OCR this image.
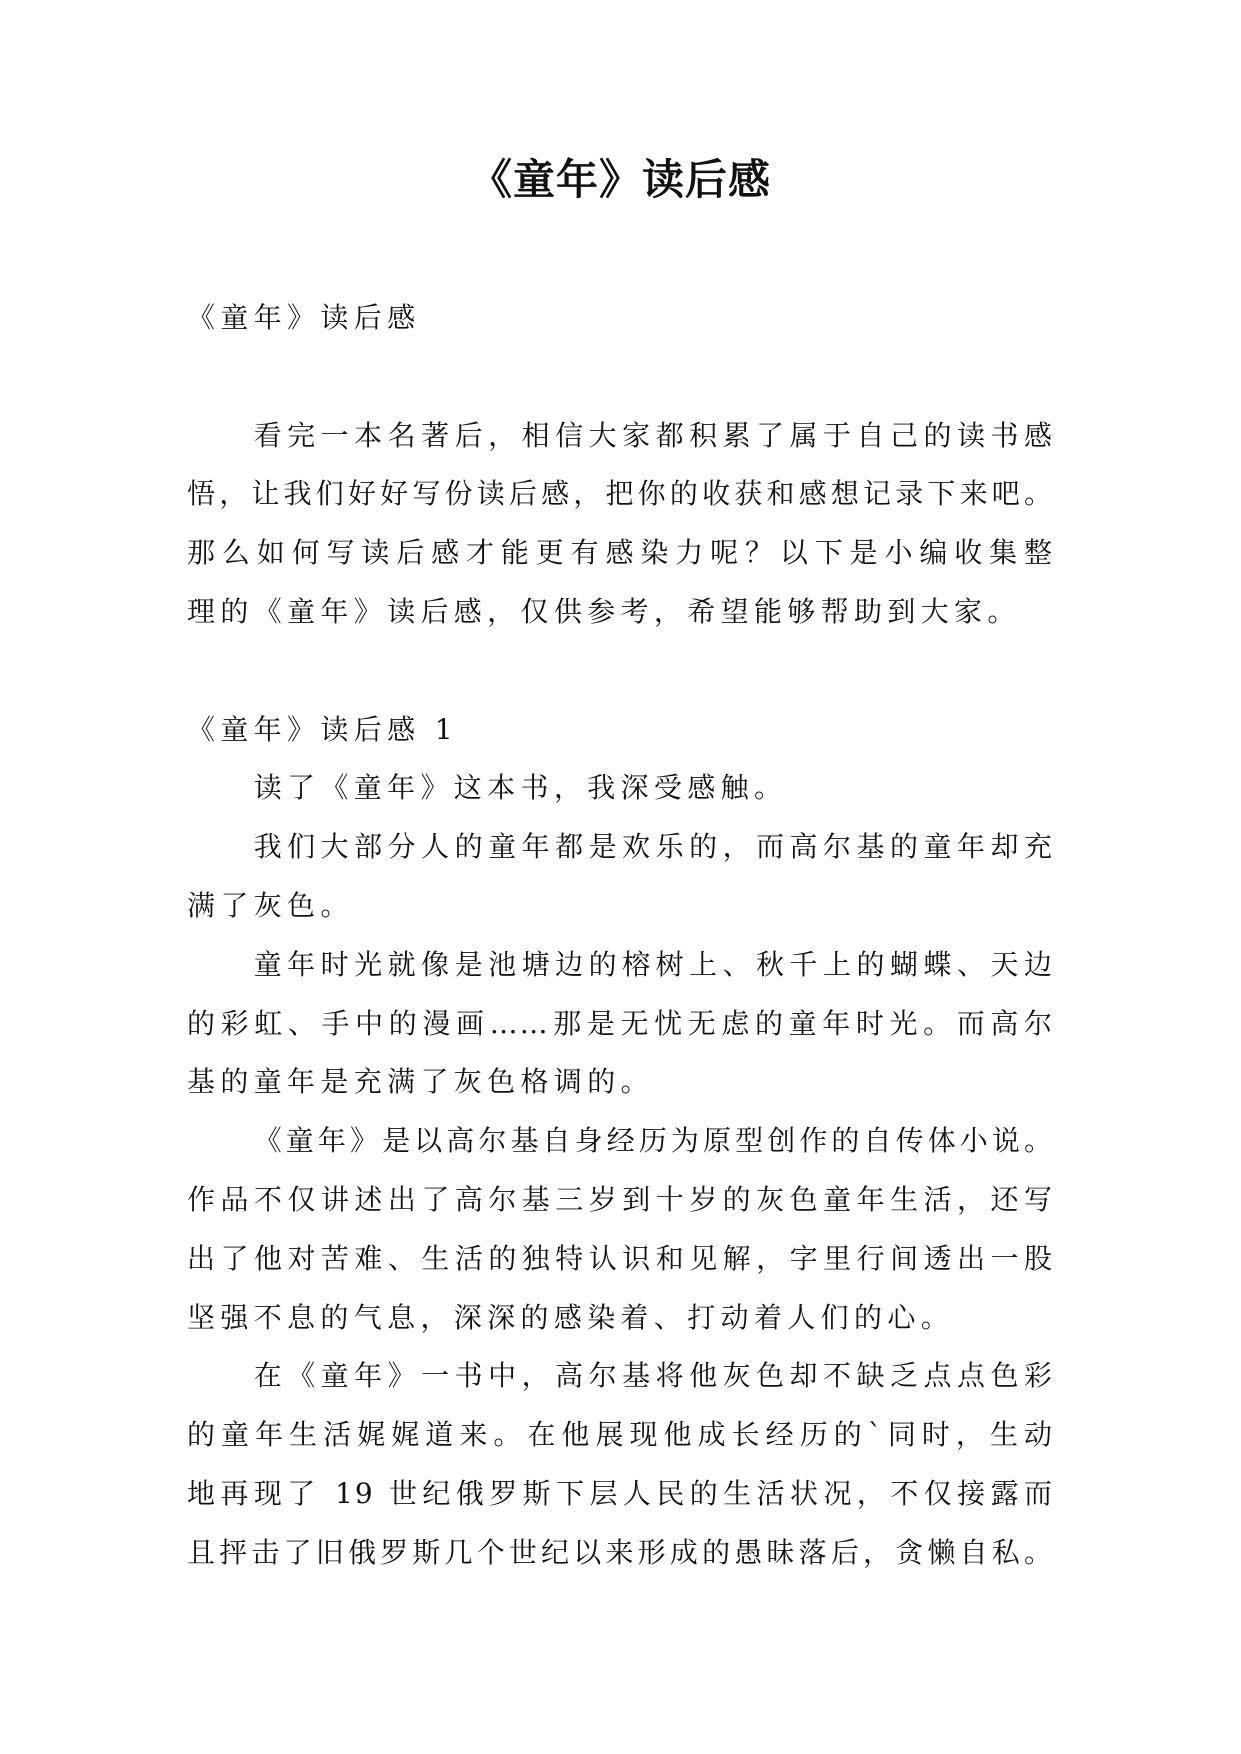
《童年》读后感
《童年》读后感
看完一本名著后，相信大家都积累了属于自己的读书感
悟，让我们好好写份读后感，把你的收获和感想记录下来吧。
那么如何写读后感才能更有感染力呢？以下是小编收集整
理的《童年》读后感，仅供参考，希望能够帮助到大家。
《童年》读后感 1
读了《童年》这本书，我深受感触。
我们大部分人的童年都是欢乐的，而高尔基的童年却充
满了灰色。
童年时光就像是池塘边的榕树上、秋千上的蝴蝶、天边
的彩虹、手中的漫画……那是无忧无虑的童年时光。而高尔
基的童年是充满了灰色格调的。
《童年》是以高尔基自身经历为原型创作的自传体小说。
作品不仅讲述出了高尔基三岁到十岁的灰色童年生活，还写
出了他对苦难、生活的独特认识和见解，字里行间透出一股
坚强不息的气息，深深的感染着、打动着人们的心。
在《童年》一书中，高尔基将他灰色却不缺乏点点色彩
的童年生活娓娓道来。在他展现他成长经历的`同时，生动
地再现了 19 世纪俄罗斯下层人民的生活状况，不仅接露而
且抨击了旧俄罗斯几个世纪以来形成的愚昧落后，贪懒自私。
